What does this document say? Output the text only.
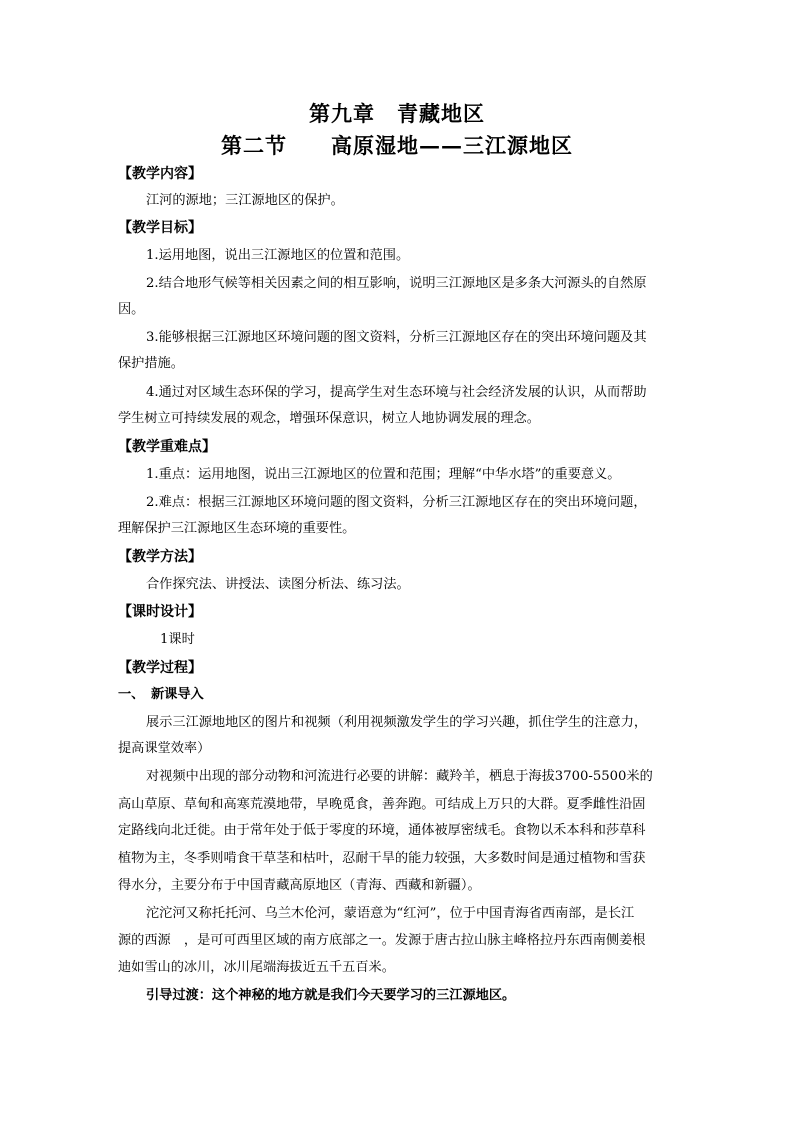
第九章　青藏地区
第二节　　高原湿地——三江源地区
【教学内容】
江河的源地；三江源地区的保护。
【教学目标】
1.运用地图，说出三江源地区的位置和范围。
2.结合地形气候等相关因素之间的相互影响，说明三江源地区是多条大河源头的自然原
因。
3.能够根据三江源地区环境问题的图文资料，分析三江源地区存在的突出环境问题及其
保护措施。
4.通过对区域生态环保的学习，提高学生对生态环境与社会经济发展的认识，从而帮助
学生树立可持续发展的观念，增强环保意识，树立人地协调发展的理念。
【教学重难点】
1.重点：运用地图，说出三江源地区的位置和范围；理解“中华水塔”的重要意义。
2.难点：根据三江源地区环境问题的图文资料，分析三江源地区存在的突出环境问题，
理解保护三江源地区生态环境的重要性。
【教学方法】
合作探究法、讲授法、读图分析法、练习法。
【课时设计】
1课时
【教学过程】
一、　新课导入
展示三江源地地区的图片和视频（利用视频激发学生的学习兴趣，抓住学生的注意力，
提高课堂效率）
对视频中出现的部分动物和河流进行必要的讲解：藏羚羊，栖息于海拔3700-5500米的
高山草原、草甸和高寒荒漠地带，早晚觅食，善奔跑。可结成上万只的大群。夏季雌性沿固
定路线向北迁徙。由于常年处于低于零度的环境，通体被厚密绒毛。食物以禾本科和莎草科
植物为主，冬季则啃食干草茎和枯叶，忍耐干旱的能力较强，大多数时间是通过植物和雪获
得水分，主要分布于中国青藏高原地区（青海、西藏和新疆）。
沱沱河又称托托河、乌兰木伦河，蒙语意为“红河”，位于中国青海省西南部，是长江
源的西源　，是可可西里区域的南方底部之一。发源于唐古拉山脉主峰格拉丹东西南侧姜根
迪如雪山的冰川，冰川尾端海拔近五千五百米。
引导过渡：这个神秘的地方就是我们今天要学习的三江源地区。
